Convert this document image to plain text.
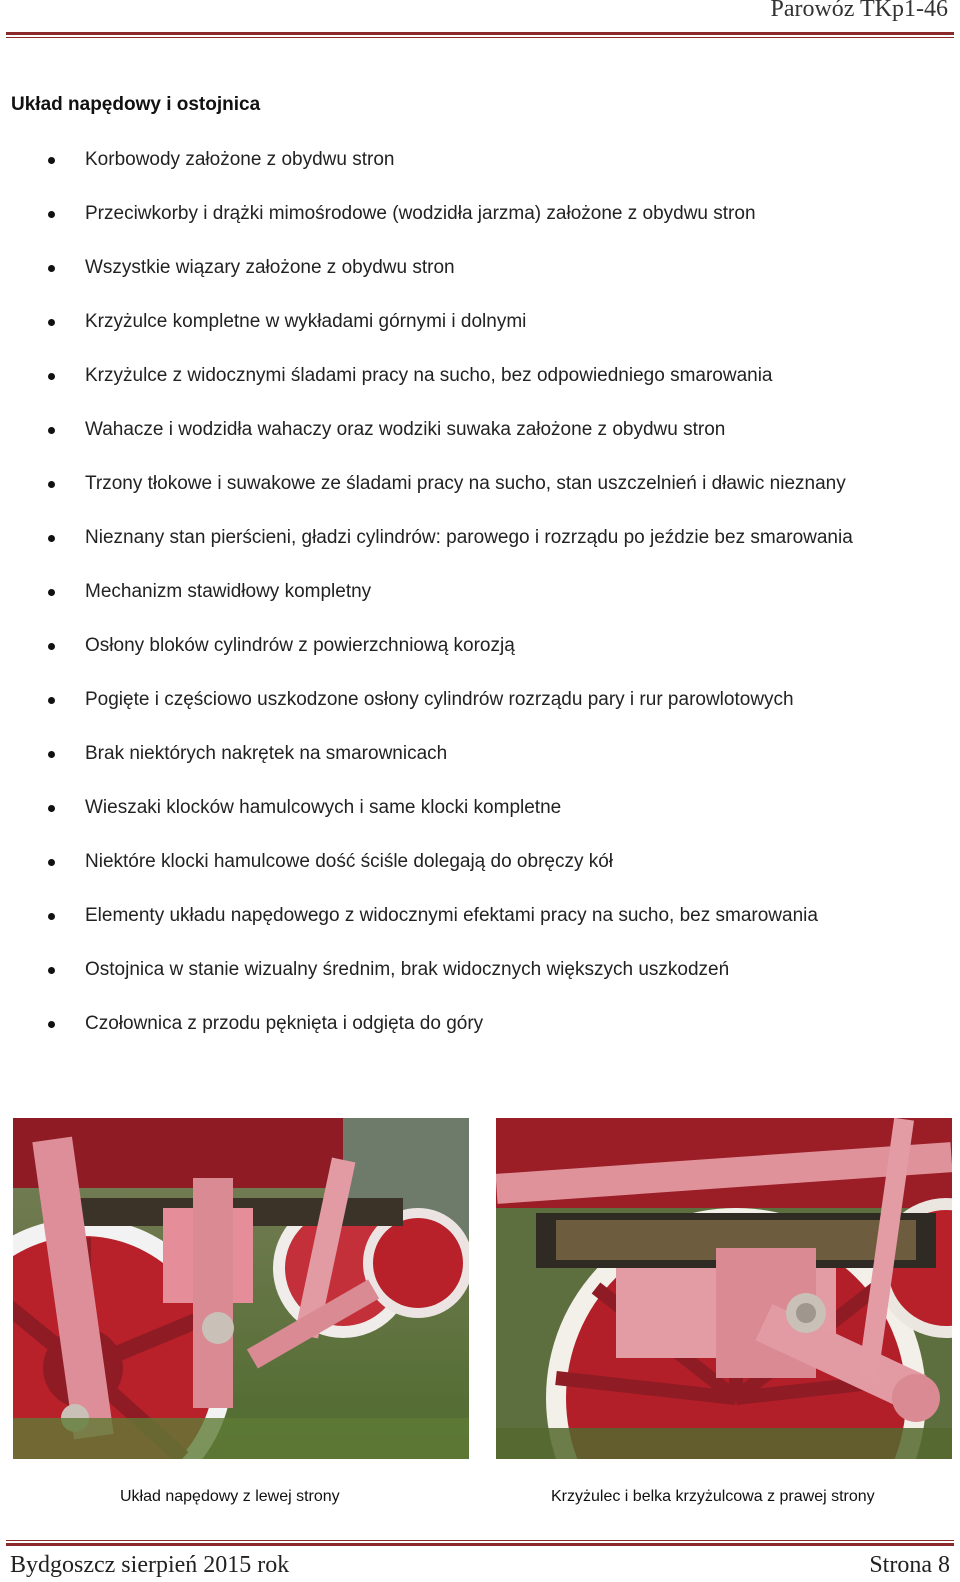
Parowóz TKp1-46
Układ napędowy i ostojnica
Korbowody założone z obydwu stron
Przeciwkorby i drążki mimośrodowe (wodzidła jarzma) założone z obydwu stron
Wszystkie wiązary założone z obydwu stron
Krzyżulce kompletne w wykładami górnymi i dolnymi
Krzyżulce z widocznymi śladami pracy na sucho, bez odpowiedniego smarowania
Wahacze i wodzidła wahaczy oraz wodziki suwaka założone z obydwu stron
Trzony tłokowe i suwakowe ze śladami pracy na sucho, stan uszczelnień i dławic nieznany
Nieznany stan pierścieni, gładzi cylindrów: parowego i rozrządu po jeździe bez smarowania
Mechanizm stawidłowy kompletny
Osłony bloków cylindrów z powierzchniową korozją
Pogięte i częściowo uszkodzone osłony cylindrów rozrządu pary i rur parowlotowych
Brak niektórych nakrętek na smarownicach
Wieszaki klocków hamulcowych i same klocki kompletne
Niektóre klocki hamulcowe dość ściśle dolegają do obręczy kół
Elementy układu napędowego z widocznymi efektami pracy na sucho, bez smarowania
Ostojnica w stanie wizualny średnim, brak widocznych większych uszkodzeń
Czołownica z przodu pęknięta i odgięta do góry
Układ napędowy z lewej strony	Krzyżulec i belka krzyżulcowa z prawej strony
Bydgoszcz sierpień 2015 rok	Strona 8
